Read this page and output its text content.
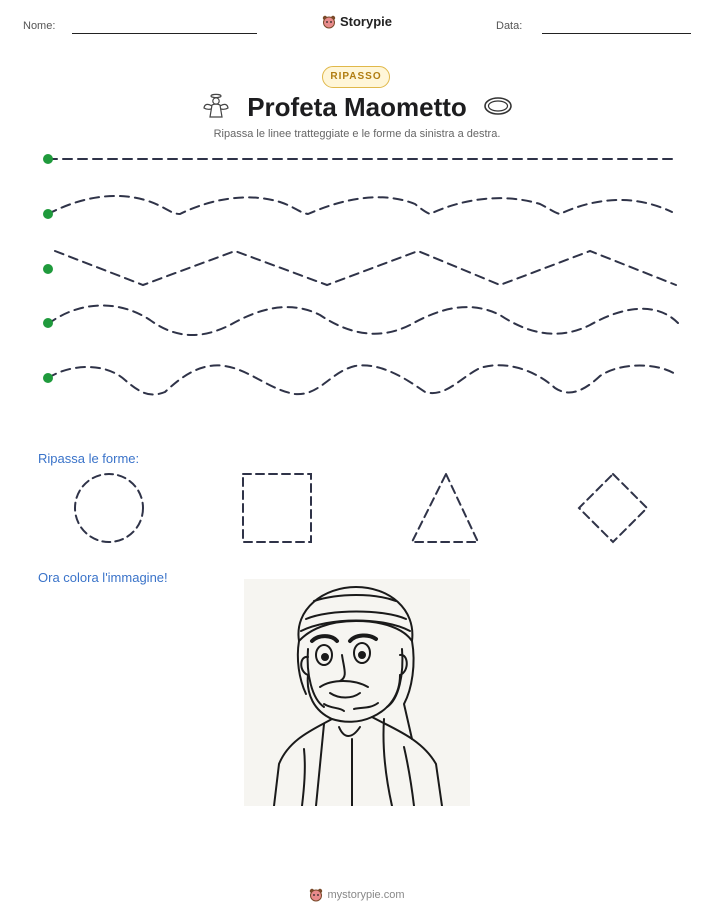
Nome:	Storypie	Data:
RIPASSO
Profeta Maometto
Ripassa le linee tratteggiate e le forme da sinistra a destra.
Ripassa le forme:
Ora colora l'immagine!
mystorypie.com
